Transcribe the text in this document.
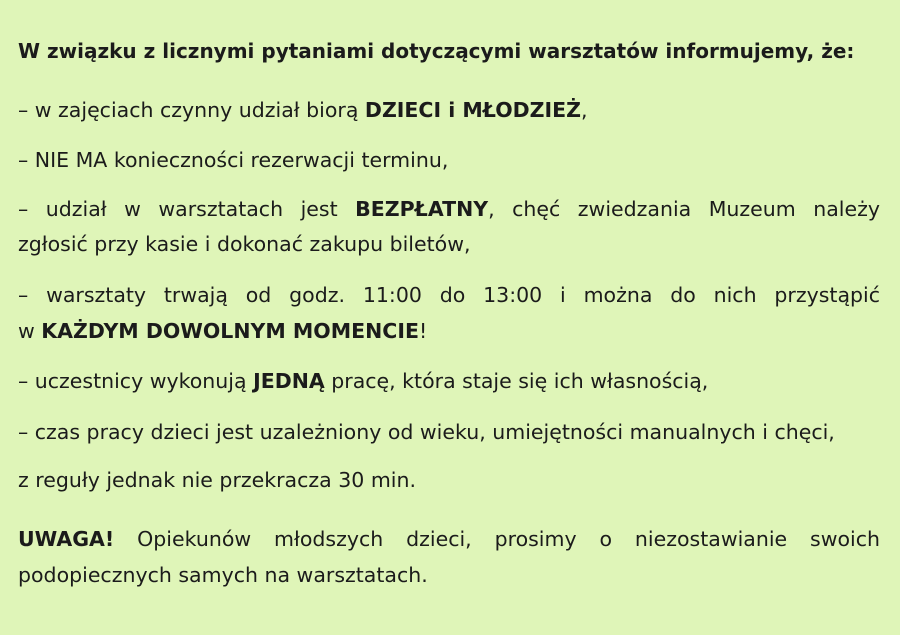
W związku z licznymi pytaniami dotyczącymi warsztatów informujemy, że:
– w zajęciach czynny udział biorą DZIECI i MŁODZIEŻ,
– NIE MA konieczności rezerwacji terminu,
– udział w warsztatach jest BEZPŁATNY, chęć zwiedzania Muzeum należy
zgłosić przy kasie i dokonać zakupu biletów,
– warsztaty trwają od godz. 11:00 do 13:00 i można do nich przystąpić
w KAŻDYM DOWOLNYM MOMENCIE!
– uczestnicy wykonują JEDNĄ pracę, która staje się ich własnością,
– czas pracy dzieci jest uzależniony od wieku, umiejętności manualnych i chęci,
z reguły jednak nie przekracza 30 min.
UWAGA! Opiekunów młodszych dzieci, prosimy o niezostawianie swoich
podopiecznych samych na warsztatach.
